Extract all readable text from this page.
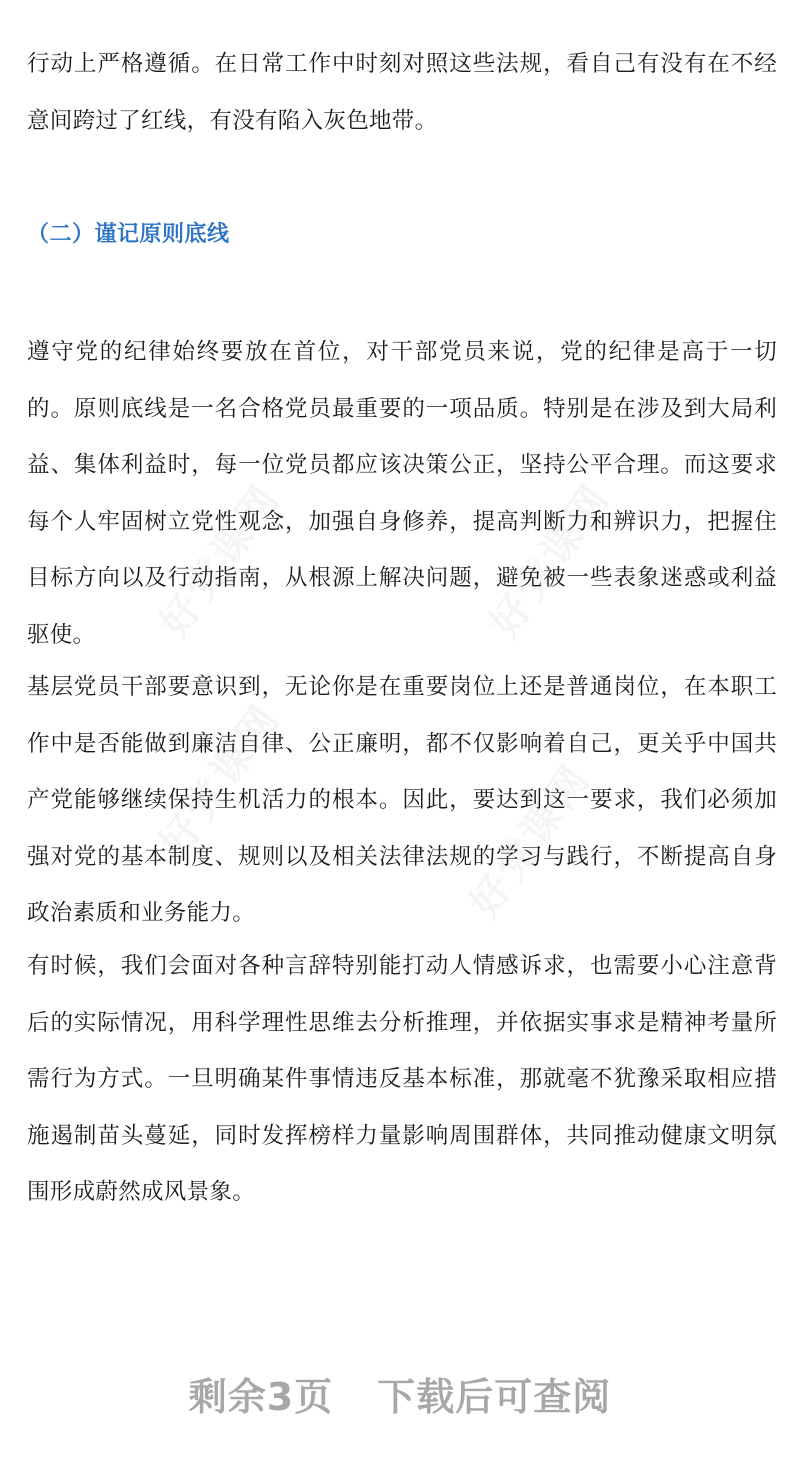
行动上严格遵循。在日常工作中时刻对照这些法规，看自己有没有在不经意间跨过了红线，有没有陷入灰色地带。
（二）谨记原则底线
遵守党的纪律始终要放在首位，对干部党员来说，党的纪律是高于一切的。原则底线是一名合格党员最重要的一项品质。特别是在涉及到大局利益、集体利益时，每一位党员都应该决策公正，坚持公平合理。而这要求每个人牢固树立党性观念，加强自身修养，提高判断力和辨识力，把握住目标方向以及行动指南，从根源上解决问题，避免被一些表象迷惑或利益驱使。
基层党员干部要意识到，无论你是在重要岗位上还是普通岗位，在本职工作中是否能做到廉洁自律、公正廉明，都不仅影响着自己，更关乎中国共产党能够继续保持生机活力的根本。因此，要达到这一要求，我们必须加强对党的基本制度、规则以及相关法律法规的学习与践行，不断提高自身政治素质和业务能力。
有时候，我们会面对各种言辞特别能打动人情感诉求，也需要小心注意背后的实际情况，用科学理性思维去分析推理，并依据实事求是精神考量所需行为方式。一旦明确某件事情违反基本标准，那就毫不犹豫采取相应措施遏制苗头蔓延，同时发挥榜样力量影响周围群体，共同推动健康文明氛围形成蔚然成风景象。
剩余3页 下载后可查阅
